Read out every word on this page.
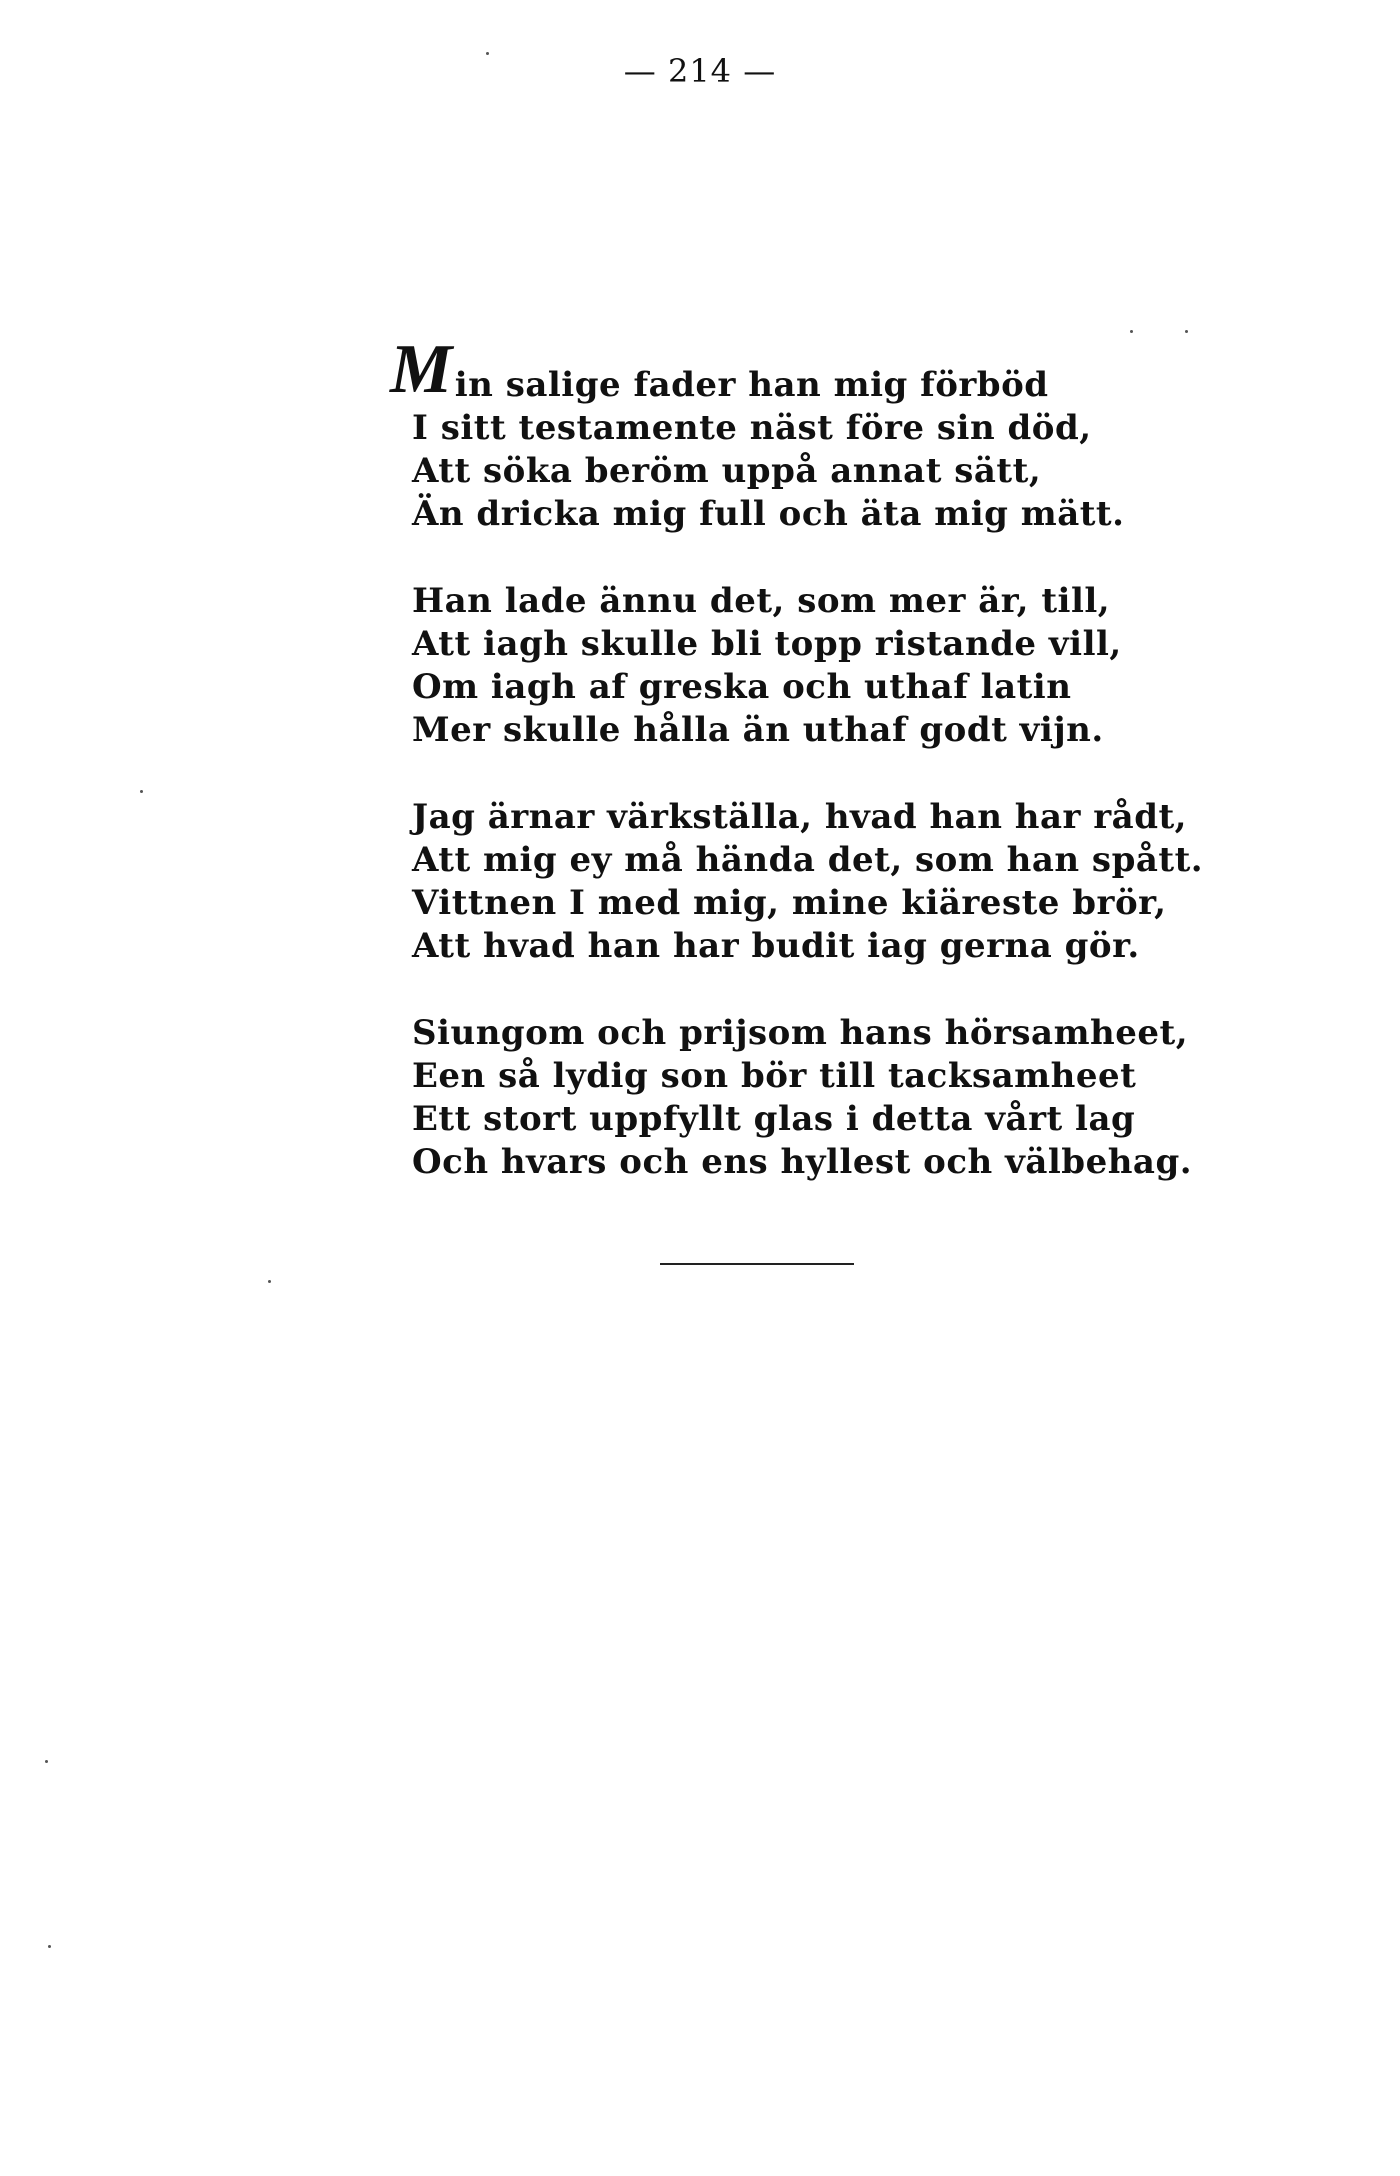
— 214 —
Min salige fader han mig förböd
I sitt testamente näst före sin död,
Att söka beröm uppå annat sätt,
Än dricka mig full och äta mig mätt.
Han lade ännu det, som mer är, till,
Att iagh skulle bli topp ristande vill,
Om iagh af greska och uthaf latin
Mer skulle hålla än uthaf godt vijn.
Jag ärnar värkställa, hvad han har rådt,
Att mig ey må hända det, som han spått.
Vittnen I med mig, mine kiäreste brör,
Att hvad han har budit iag gerna gör.
Siungom och prijsom hans hörsamheet,
Een så lydig son bör till tacksamheet
Ett stort uppfyllt glas i detta vårt lag
Och hvars och ens hyllest och välbehag.
